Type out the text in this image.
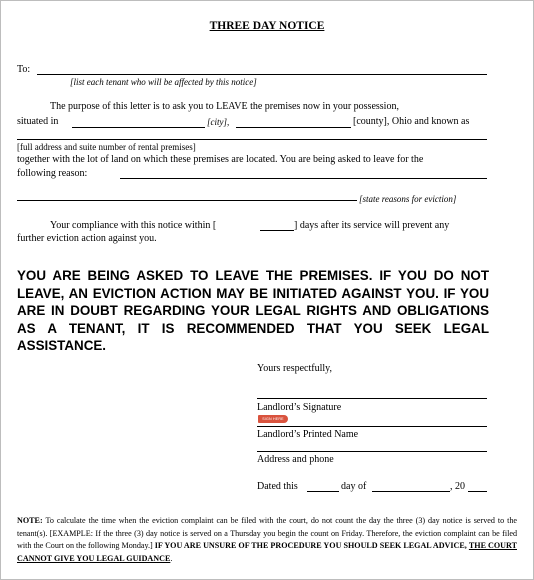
THREE DAY NOTICE
To:
[list each tenant who will be affected by this notice]
The purpose of this letter is to ask you to LEAVE the premises now in your possession,
situated in	[city],	[county], Ohio and known as
[full address and suite number of rental premises]
together with the lot of land on which these premises are located. You are being asked to leave for the
following reason:
[state reasons for eviction]
Your compliance with this notice within [	] days after its service will prevent any
further eviction action against you.
YOU ARE BEING ASKED TO LEAVE THE PREMISES. IF YOU DO NOT LEAVE, AN EVICTION ACTION MAY BE INITIATED AGAINST YOU. IF YOU ARE IN DOUBT REGARDING YOUR LEGAL RIGHTS AND OBLIGATIONS AS A TENANT, IT IS RECOMMENDED THAT YOU SEEK LEGAL ASSISTANCE.
Yours respectfully,
Landlord’s Signature
SIGN HERE
Landlord’s Printed Name
Address and phone
Dated this	day of	, 20
NOTE: To calculate the time when the eviction complaint can be filed with the court, do not count the day the three (3) day notice is served to the tenant(s). [EXAMPLE: If the three (3) day notice is served on a Thursday you begin the count on Friday. Therefore, the eviction complaint can be filed with the Court on the following Monday.] IF YOU ARE UNSURE OF THE PROCEDURE YOU SHOULD SEEK LEGAL ADVICE, THE COURT CANNOT GIVE YOU LEGAL GUIDANCE.
